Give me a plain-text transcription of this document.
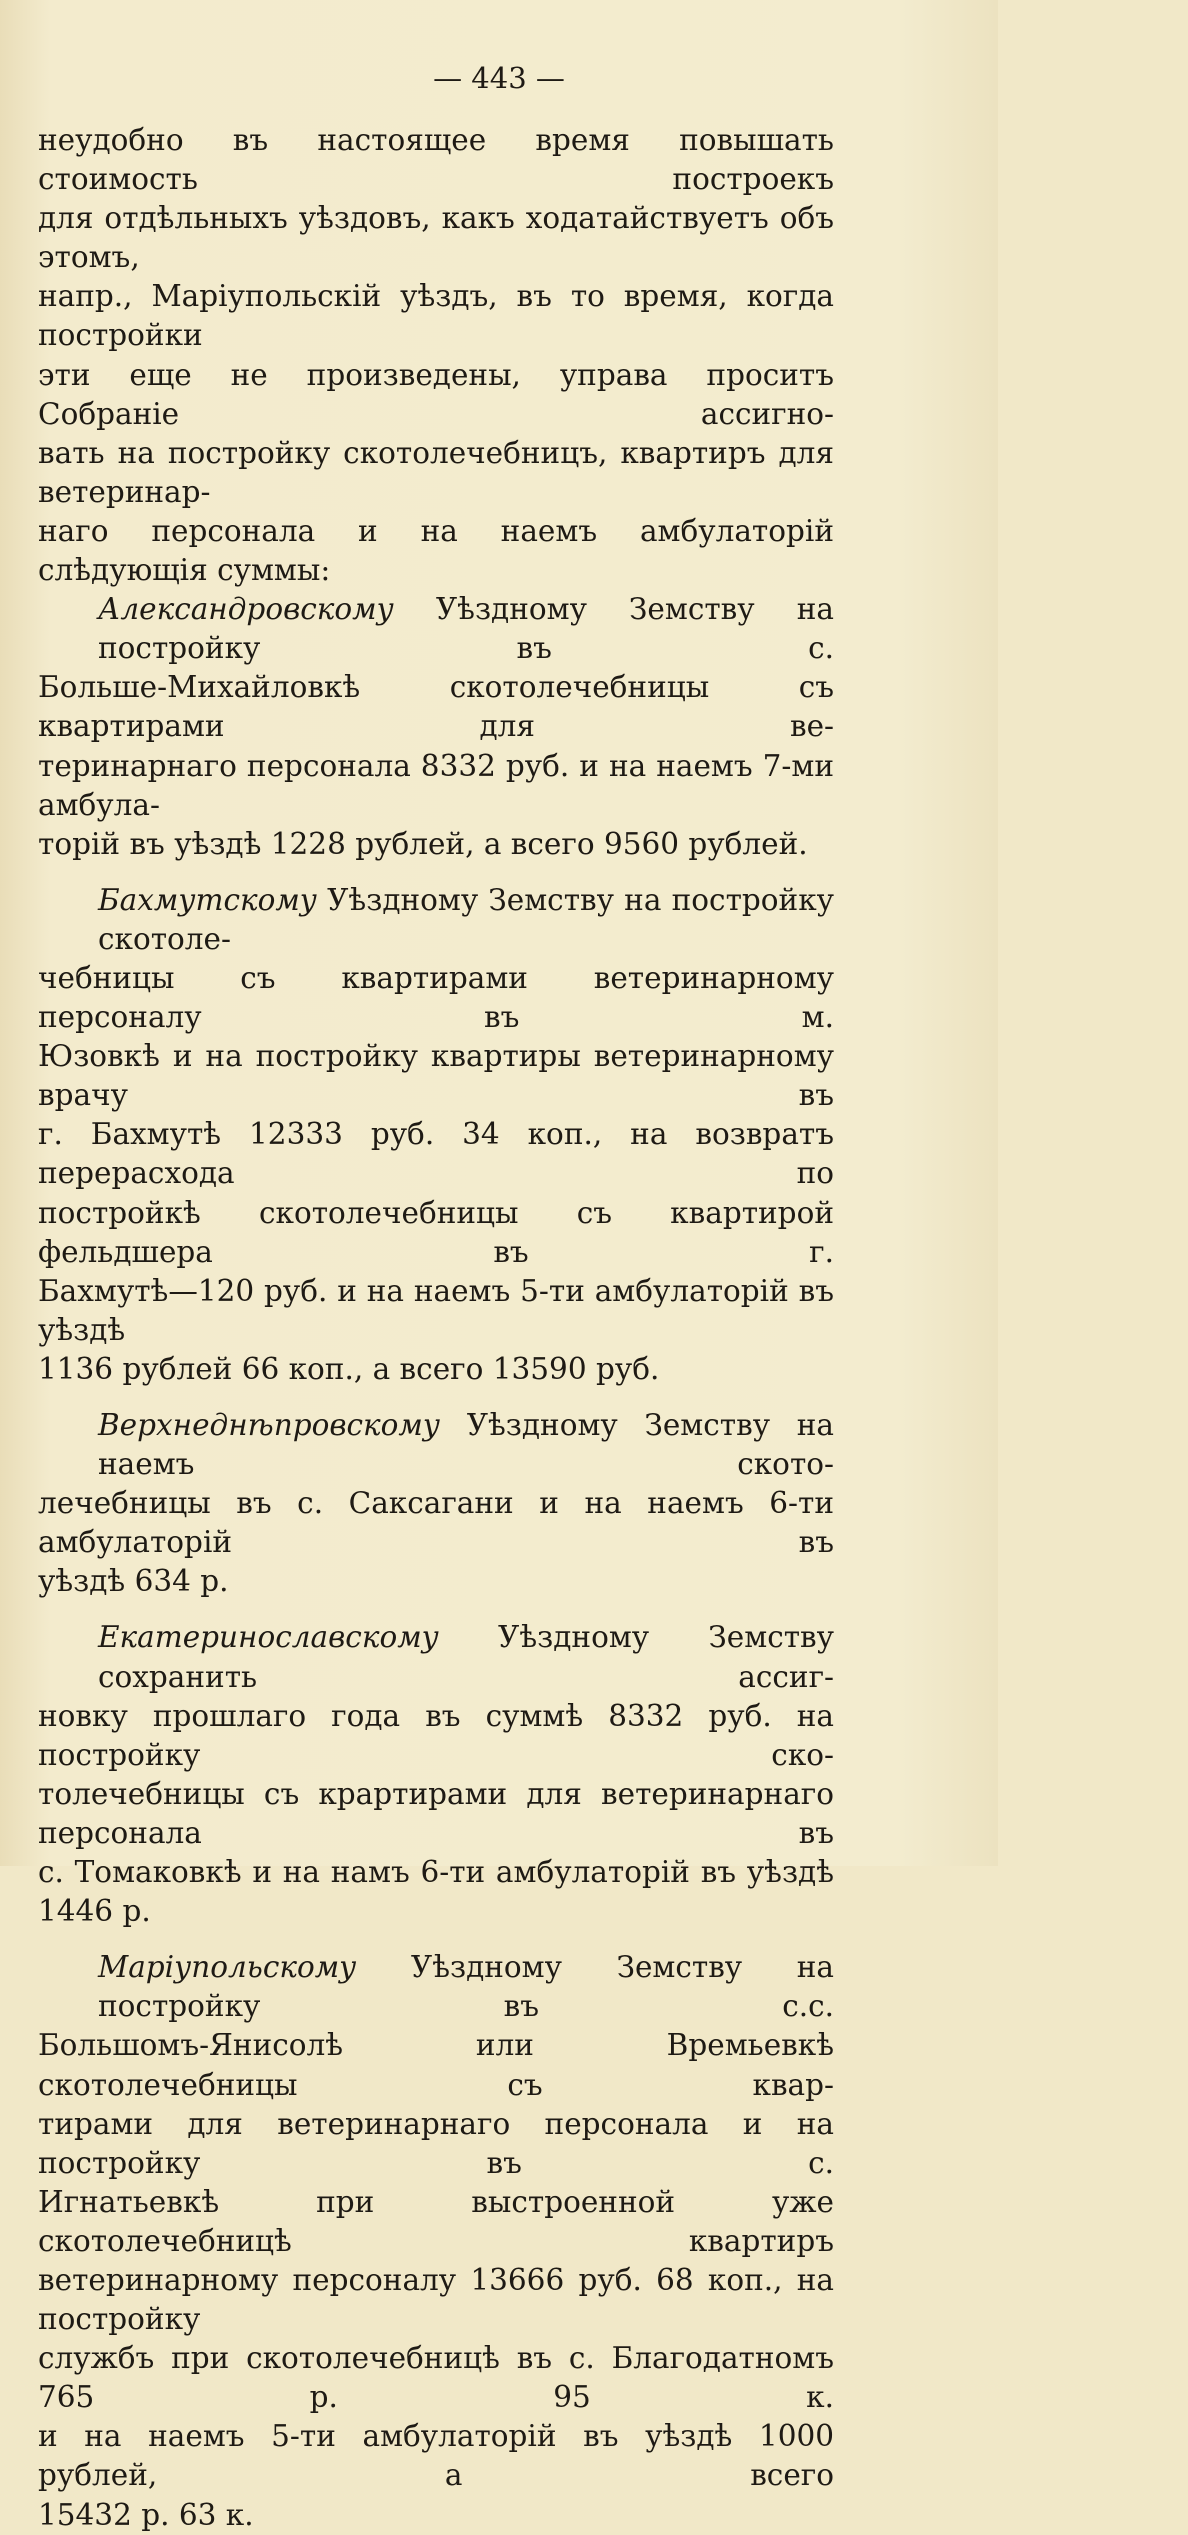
— 443 —
неудобно въ настоящее время повышать стоимость построекъ
для отдѣльныхъ уѣздовъ, какъ ходатайствуетъ объ этомъ,
напр., Маріупольскій уѣздъ, въ то время, когда постройки
эти еще не произведены, управа проситъ Собраніе ассигно-
вать на постройку скотолечебницъ, квартиръ для ветеринар-
наго персонала и на наемъ амбулаторій слѣдующія суммы:
Александровскому Уѣздному Земству на постройку въ с.
Больше-Михайловкѣ скотолечебницы съ квартирами для ве-
теринарнаго персонала 8332 руб. и на наемъ 7-ми амбула-
торій въ уѣздѣ 1228 рублей, а всего 9560 рублей.
Бахмутскому Уѣздному Земству на постройку скотоле-
чебницы съ квартирами ветеринарному персоналу въ м.
Юзовкѣ и на постройку квартиры ветеринарному врачу въ
г. Бахмутѣ 12333 руб. 34 коп., на возвратъ перерасхода по
постройкѣ скотолечебницы съ квартирой фельдшера въ г.
Бахмутѣ—120 руб. и на наемъ 5-ти амбулаторій въ уѣздѣ
1136 рублей 66 коп., а всего 13590 руб.
Верхнеднѣпровскому Уѣздному Земству на наемъ ското-
лечебницы въ с. Саксагани и на наемъ 6-ти амбулаторій въ
уѣздѣ 634 р.
Екатеринославскому Уѣздному Земству сохранить ассиг-
новку прошлаго года въ суммѣ 8332 руб. на постройку ско-
толечебницы съ крартирами для ветеринарнаго персонала въ
с. Томаковкѣ и на намъ 6-ти амбулаторій въ уѣздѣ 1446 р.
Маріупольскому Уѣздному Земству на постройку въ с.с.
Большомъ-Янисолѣ или Времьевкѣ скотолечебницы съ квар-
тирами для ветеринарнаго персонала и на постройку въ с.
Игнатьевкѣ при выстроенной уже скотолечебницѣ квартиръ
ветеринарному персоналу 13666 руб. 68 коп., на постройку
службъ при скотолечебницѣ въ с. Благодатномъ 765 р. 95 к.
и на наемъ 5-ти амбулаторій въ уѣздѣ 1000 рублей, а всего
15432 р. 63 к.
